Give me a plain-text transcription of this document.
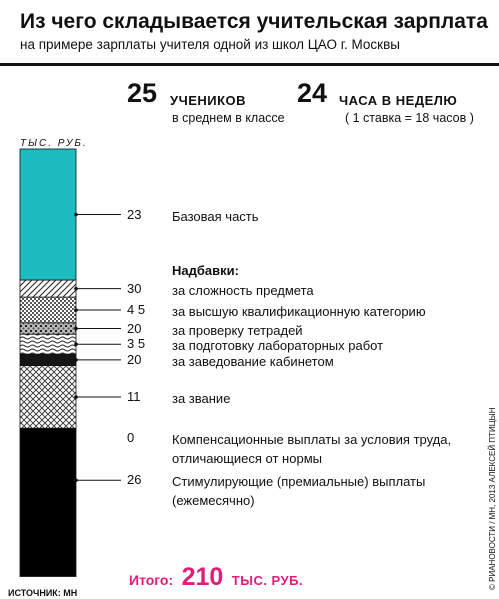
Из чего складывается учительская зарплата
на примере зарплаты учителя одной из школ ЦАО г. Москвы
25 УЧЕНИКОВ
в среднем в классе
24 ЧАСА В НЕДЕЛЮ
( 1 ставка = 18 часов )
ТЫС. РУБ.
Надбавки:
23 Базовая часть
30 за сложность предмета
4 5 за высшую квалификационную категорию
20 за проверку тетрадей
3 5 за подготовку лабораторных работ
20 за заведование кабинетом
11 за звание
0	Компенсационные выплаты за условия труда, отличающиеся от нормы
26 Стимулирующие (премиальные) выплаты (ежемесячно)
Итого: 210 ТЫС. РУБ.
ИСТОЧНИК: МН
© РИАНОВОСТИ / МН, 2013 АЛЕКСЕЙ ПТИЦЫН
